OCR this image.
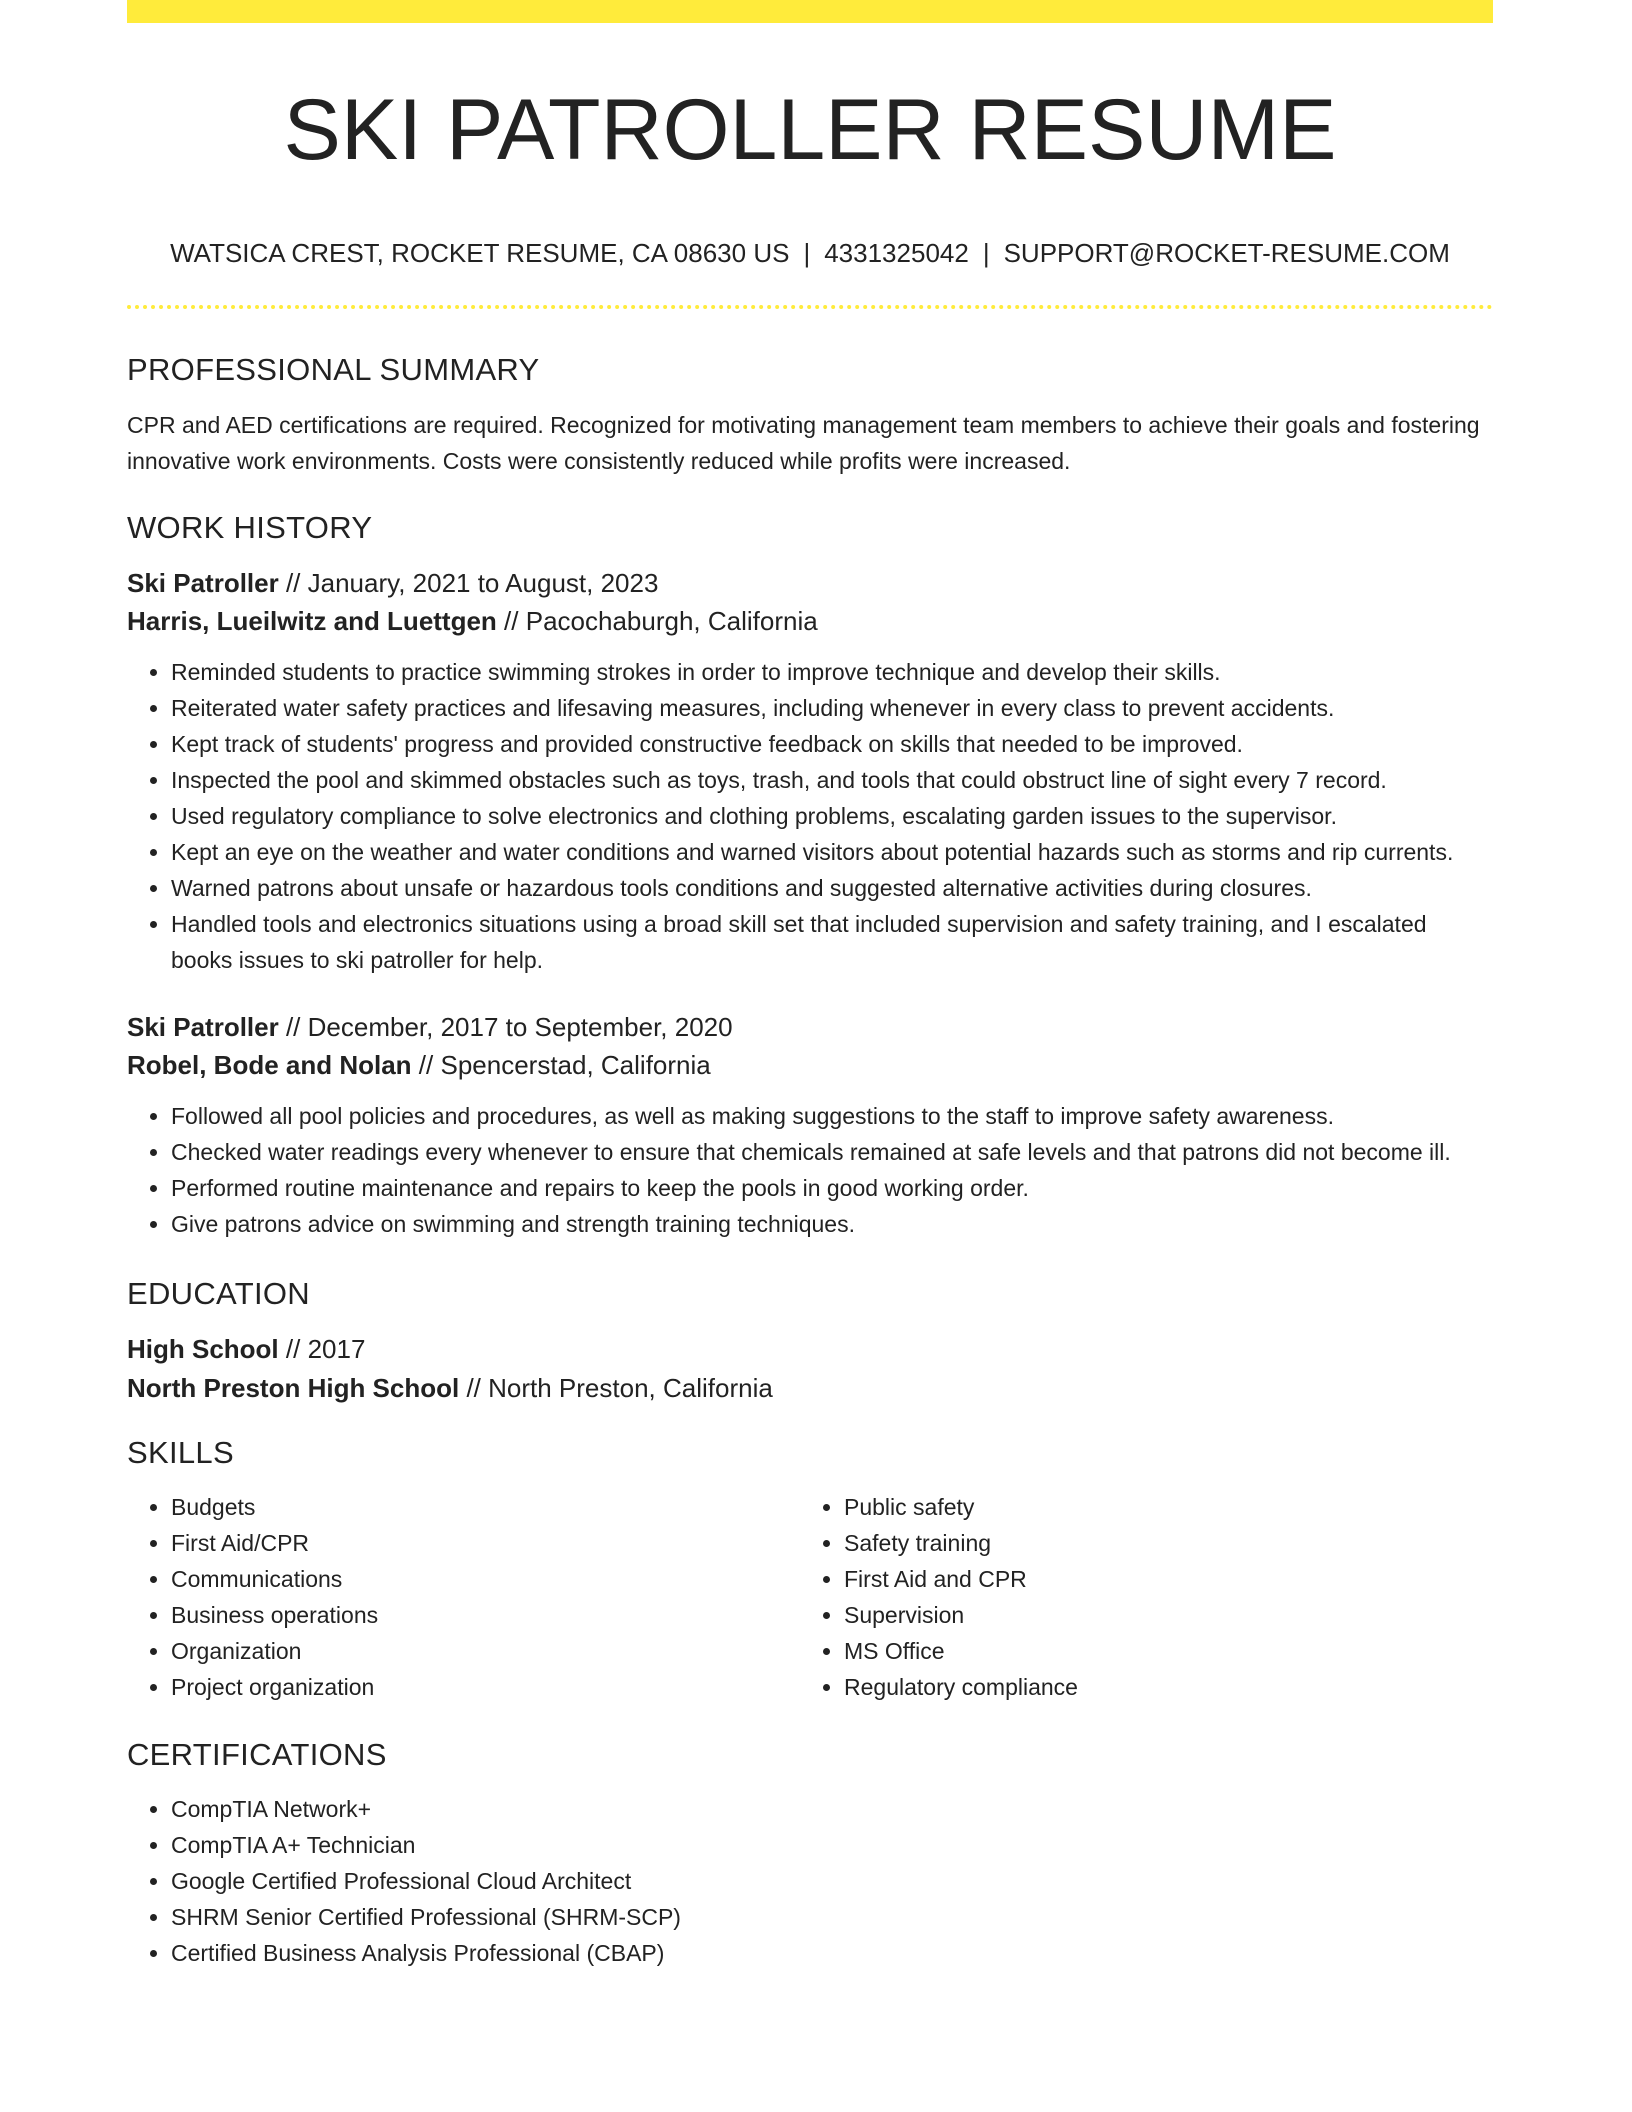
SKI PATROLLER RESUME
WATSICA CREST, ROCKET RESUME, CA 08630 US | 4331325042 | SUPPORT@ROCKET-RESUME.COM
PROFESSIONAL SUMMARY

CPR and AED certifications are required. Recognized for motivating management team members to achieve their goals and fostering innovative work environments. Costs were consistently reduced while profits were increased.

WORK HISTORY
Ski Patroller // January, 2021 to August, 2023
Harris, Lueilwitz and Luettgen // Pacochaburgh, California
• Reminded students to practice swimming strokes in order to improve technique and develop their skills.
• Reiterated water safety practices and lifesaving measures, including whenever in every class to prevent accidents.
• Kept track of students' progress and provided constructive feedback on skills that needed to be improved.
• Inspected the pool and skimmed obstacles such as toys, trash, and tools that could obstruct line of sight every 7 record.
• Used regulatory compliance to solve electronics and clothing problems, escalating garden issues to the supervisor.
• Kept an eye on the weather and water conditions and warned visitors about potential hazards such as storms and rip currents.
• Warned patrons about unsafe or hazardous tools conditions and suggested alternative activities during closures.
• Handled tools and electronics situations using a broad skill set that included supervision and safety training, and I escalated books issues to ski patroller for help.
Ski Patroller // December, 2017 to September, 2020
Robel, Bode and Nolan // Spencerstad, California
• Followed all pool policies and procedures, as well as making suggestions to the staff to improve safety awareness.
• Checked water readings every whenever to ensure that chemicals remained at safe levels and that patrons did not become ill.
• Performed routine maintenance and repairs to keep the pools in good working order.
• Give patrons advice on swimming and strength training techniques.
EDUCATION
High School // 2017
North Preston High School // North Preston, California
SKILLS
• Budgets
• First Aid/CPR
• Communications
• Business operations
• Organization
• Project organization
• Public safety
• Safety training
• First Aid and CPR
• Supervision
• MS Office
• Regulatory compliance
CERTIFICATIONS
• CompTIA Network+
• CompTIA A+ Technician
• Google Certified Professional Cloud Architect
• SHRM Senior Certified Professional (SHRM-SCP)
• Certified Business Analysis Professional (CBAP)
